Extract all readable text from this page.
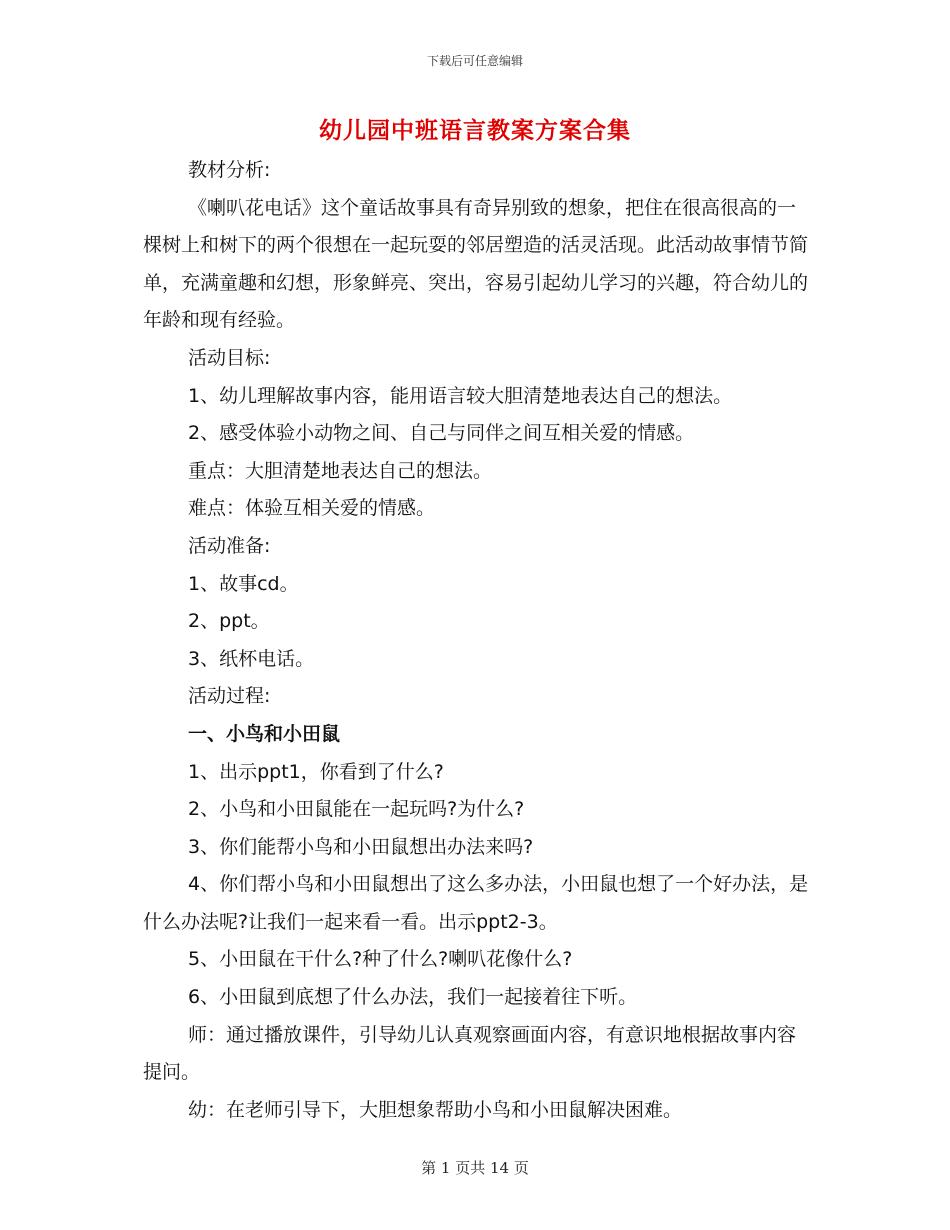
下载后可任意编辑
幼儿园中班语言教案方案合集

教材分析:

《喇叭花电话》这个童话故事具有奇异别致的想象，把住在很高很高的一棵树上和树下的两个很想在一起玩耍的邻居塑造的活灵活现。此活动故事情节简单，充满童趣和幻想，形象鲜亮、突出，容易引起幼儿学习的兴趣，符合幼儿的年龄和现有经验。

活动目标:

1、幼儿理解故事内容，能用语言较大胆清楚地表达自己的想法。

2、感受体验小动物之间、自己与同伴之间互相关爱的情感。

重点：大胆清楚地表达自己的想法。

难点：体验互相关爱的情感。

活动准备:

1、故事cd。

2、ppt。

3、纸杯电话。

活动过程:

一、小鸟和小田鼠

1、出示ppt1，你看到了什么?

2、小鸟和小田鼠能在一起玩吗?为什么?

3、你们能帮小鸟和小田鼠想出办法来吗?

4、你们帮小鸟和小田鼠想出了这么多办法，小田鼠也想了一个好办法，是什么办法呢?让我们一起来看一看。出示ppt2-3。

5、小田鼠在干什么?种了什么?喇叭花像什么?

6、小田鼠到底想了什么办法，我们一起接着往下听。

师：通过播放课件，引导幼儿认真观察画面内容，有意识地根据故事内容提问。

幼：在老师引导下，大胆想象帮助小鸟和小田鼠解决困难。

第 1 页共 14 页
